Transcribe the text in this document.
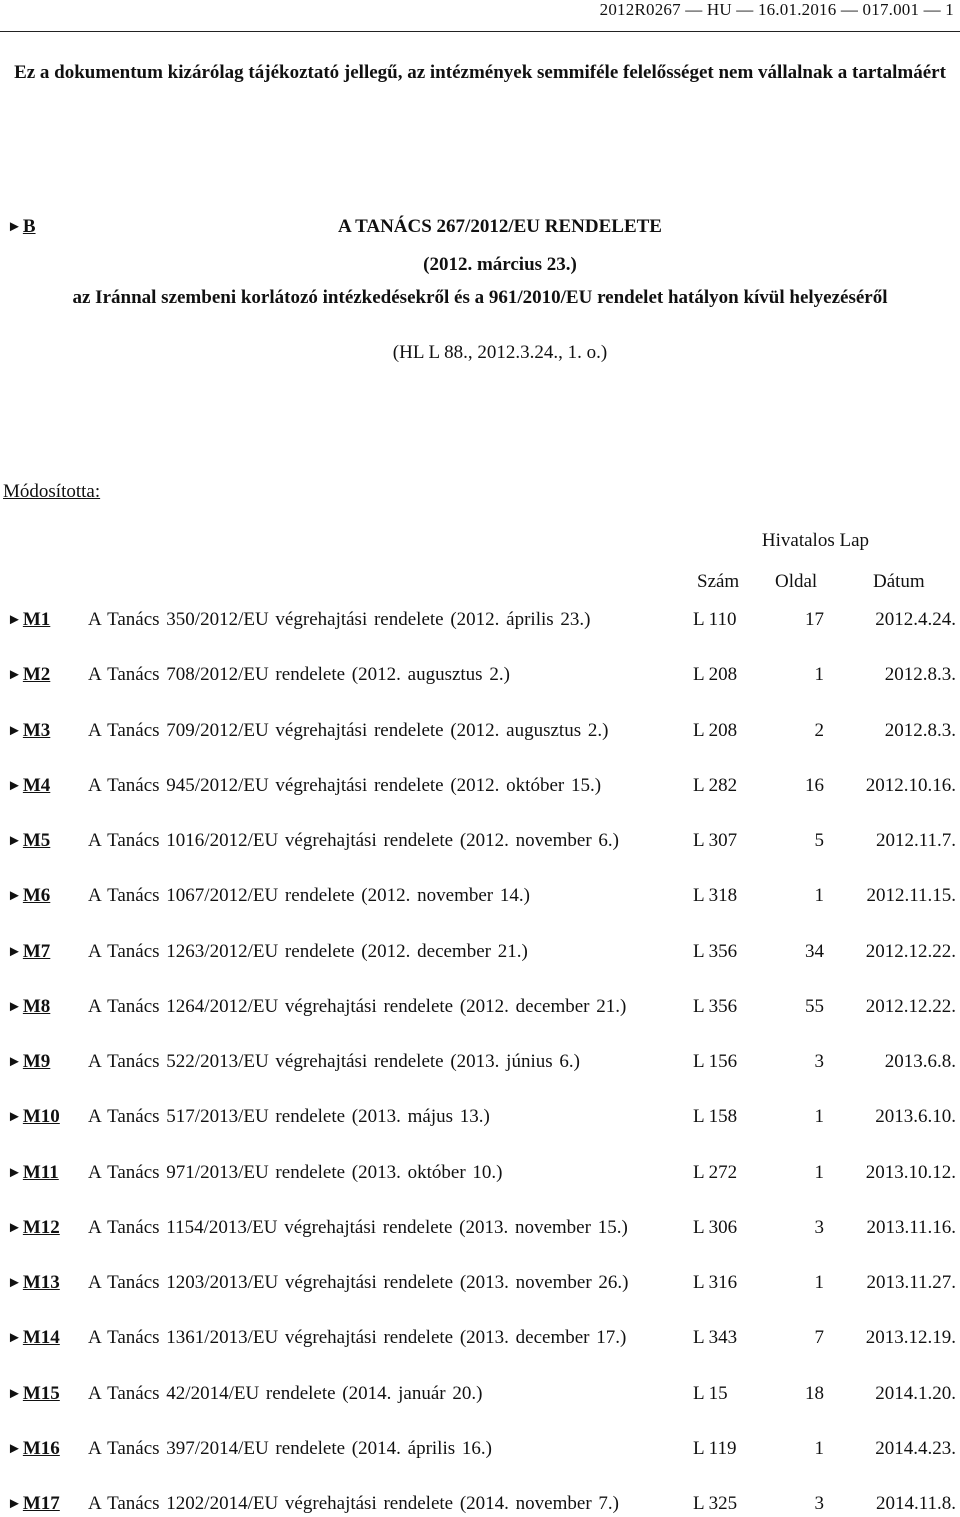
2012R0267 — HU — 16.01.2016 — 017.001 — 1
Ez a dokumentum kizárólag tájékoztató jellegű, az intézmények semmiféle felelősséget nem vállalnak a tartalmáért
►B	A TANÁCS 267/2012/EU RENDELETE
(2012. március 23.)
az Iránnal szembeni korlátozó intézkedésekről és a 961/2010/EU rendelet hatályon kívül helyezéséről
(HL L 88., 2012.3.24., 1. o.)
Módosította:
Hivatalos Lap
Szám Oldal	Dátum
►M1 A Tanács 350/2012/EU végrehajtási rendelete (2012. április 23.)	L 110	17	2012.4.24.
►M2 A Tanács 708/2012/EU rendelete (2012. augusztus 2.)	L 208	1	2012.8.3.
►M3 A Tanács 709/2012/EU végrehajtási rendelete (2012. augusztus 2.)	L 208	2	2012.8.3.
►M4 A Tanács 945/2012/EU végrehajtási rendelete (2012. október 15.)	L 282	16	2012.10.16.
►M5 A Tanács 1016/2012/EU végrehajtási rendelete (2012. november 6.)	L 307	5	2012.11.7.
►M6 A Tanács 1067/2012/EU rendelete (2012. november 14.)	L 318	1	2012.11.15.
►M7 A Tanács 1263/2012/EU rendelete (2012. december 21.)	L 356	34	2012.12.22.
►M8 A Tanács 1264/2012/EU végrehajtási rendelete (2012. december 21.)	L 356	55	2012.12.22.
►M9 A Tanács 522/2013/EU végrehajtási rendelete (2013. június 6.)	L 156	3	2013.6.8.
►M10 A Tanács 517/2013/EU rendelete (2013. május 13.)	L 158	1	2013.6.10.
►M11 A Tanács 971/2013/EU rendelete (2013. október 10.)	L 272	1	2013.10.12.
►M12 A Tanács 1154/2013/EU végrehajtási rendelete (2013. november 15.)	L 306	3	2013.11.16.
►M13 A Tanács 1203/2013/EU végrehajtási rendelete (2013. november 26.)	L 316	1	2013.11.27.
►M14 A Tanács 1361/2013/EU végrehajtási rendelete (2013. december 17.)	L 343	7	2013.12.19.
►M15 A Tanács 42/2014/EU rendelete (2014. január 20.)	L 15	18	2014.1.20.
►M16 A Tanács 397/2014/EU rendelete (2014. április 16.)	L 119	1	2014.4.23.
►M17 A Tanács 1202/2014/EU végrehajtási rendelete (2014. november 7.)	L 325	3	2014.11.8.
